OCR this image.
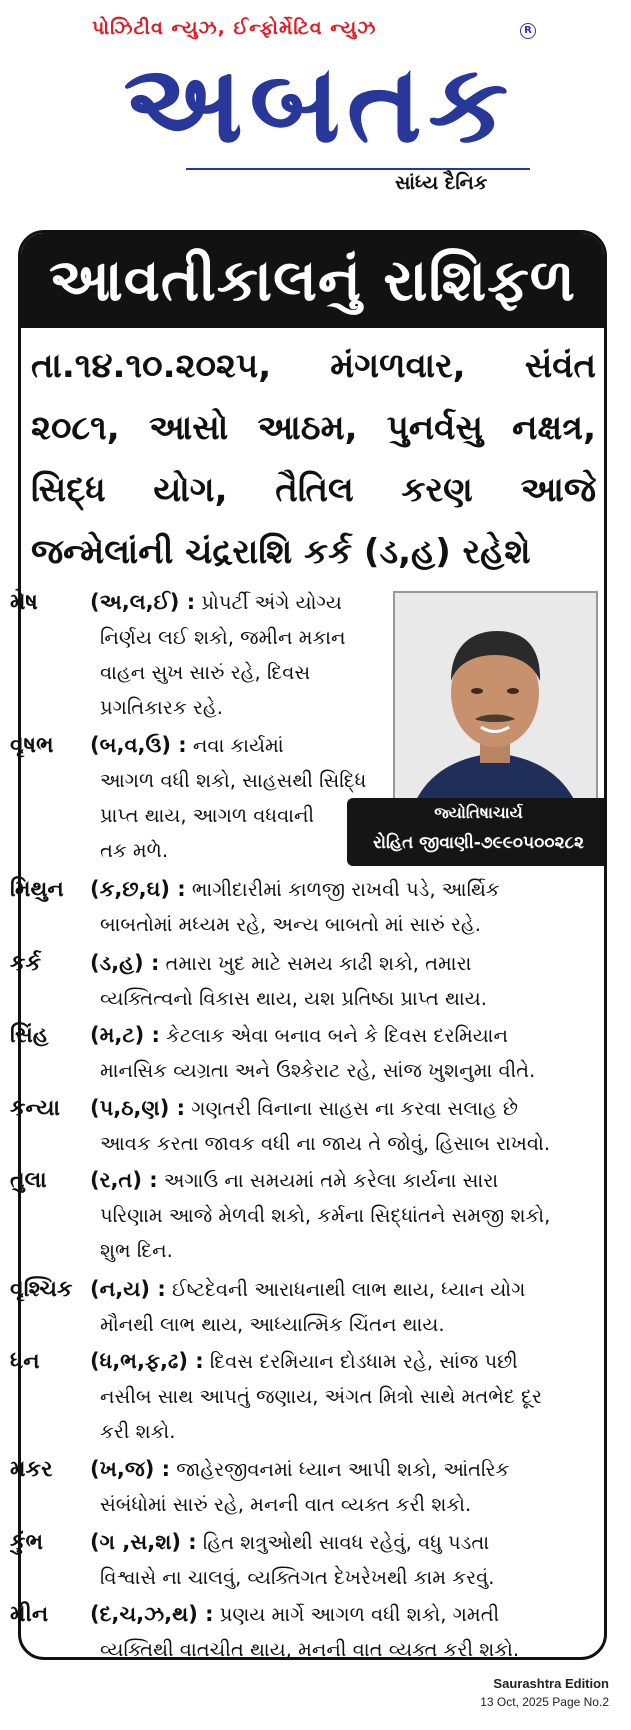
પોઝિટીવ ન્યુઝ, ઈન્ફોર્મેટિવ ન્યુઝ	R
અબતક
સાંધ્ય દૈનિક
આવતીકાલનું રાશિફળ
તા.૧૪.૧૦.૨૦૨૫, મંગળવાર, સંવંત
૨૦૮૧, આસો આઠમ, પુનર્વસુ નક્ષત્ર,
સિદ્ધ યોગ, તૈતિલ કરણ આજે
જન્મેલાંની ચંદ્રરાશિ કર્ક (ડ,હ) રહેશે
જ્યોતિષાચાર્ય
રોહિત જીવાણી-૭૯૯૦૫૦૦૨૮૨
મેષ (અ,લ,ઈ) : પ્રોપર્ટી અંગે યોગ્ય
નિર્ણય લઈ શકો, જમીન મકાન
વાહન સુખ સારું રહે, દિવસ
પ્રગતિકારક રહે.
વૃષભ (બ,વ,ઉ) : નવા કાર્યમાં
આગળ વધી શકો, સાહસથી સિદ્ધિ
પ્રાપ્ત થાય, આગળ વધવાની
તક મળે.
મિથુન (ક,છ,ઘ) : ભાગીદારીમાં કાળજી રાખવી પડે, આર્થિક
બાબતોમાં મધ્યમ રહે, અન્ય બાબતો માં સારું રહે.
કર્ક (ડ,હ) : તમારા ખુદ માટે સમય કાઢી શકો, તમારા
વ્યક્તિત્વનો વિકાસ થાય, યશ પ્રતિષ્ઠા પ્રાપ્ત થાય.
સિંહ (મ,ટ) : કેટલાક એવા બનાવ બને કે દિવસ દરમિયાન
માનસિક વ્યગ્રતા અને ઉશ્કેરાટ રહે, સાંજ ખુશનુમા વીતે.
કન્યા (પ,ઠ,ણ) : ગણતરી વિનાના સાહસ ના કરવા સલાહ છે
આવક કરતા જાવક વધી ના જાય તે જોવું, હિસાબ રાખવો.
તુલા (ર,ત) : અગાઉ ના સમયમાં તમે કરેલા કાર્યના સારા
પરિણામ આજે મેળવી શકો, કર્મના સિદ્ધાંતને સમજી શકો,
શુભ દિન.
વૃશ્ચિક (ન,ય) : ઈષ્ટદેવની આરાધનાથી લાભ થાય, ધ્યાન યોગ
મૌનથી લાભ થાય, આધ્યાત્મિક ચિંતન થાય.
ધન (ધ,ભ,ફ,ઢ) : દિવસ દરમિયાન દોડધામ રહે, સાંજ પછી
નસીબ સાથ આપતું જણાય, અંગત મિત્રો સાથે મતભેદ દૂર
કરી શકો.
મકર (ખ,જ) : જાહેરજીવનમાં ધ્યાન આપી શકો, આંતરિક
સંબંધોમાં સારું રહે, મનની વાત વ્યક્ત કરી શકો.
કુંભ (ગ ,સ,શ) : હિત શત્રુઓથી સાવધ રહેવું, વધુ પડતા
વિશ્વાસે ના ચાલવું, વ્યક્તિગત દેખરેખથી કામ કરવું.
મીન (દ,ચ,ઝ,થ) : પ્રણય માર્ગે આગળ વધી શકો, ગમતી
વ્યક્તિથી વાતચીત થાય, મનની વાત વ્યક્ત કરી શકો.
Saurashtra Edition
13 Oct, 2025 Page No.2
